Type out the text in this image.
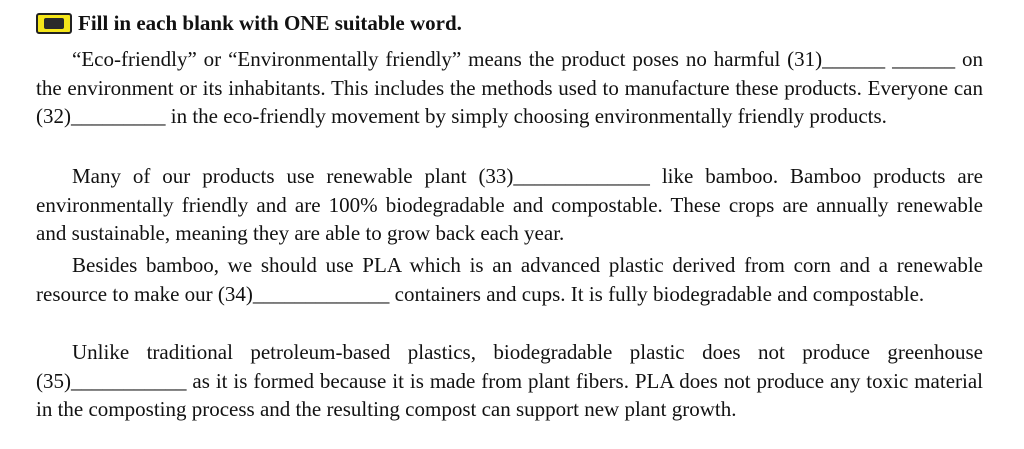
Fill in each blank with ONE suitable word.

“Eco-friendly” or “Environmentally friendly” means the product poses no harmful (31)______ ______ on the environment or its inhabitants. This includes the methods used to manufacture these products. Everyone can (32)_________ in the eco-friendly movement by simply choosing environmentally friendly products.

Many of our products use renewable plant (33)_____________ like bamboo. Bamboo products are environmentally friendly and are 100% biodegradable and compostable. These crops are annually renewable and sustainable, meaning they are able to grow back each year.

Besides bamboo, we should use PLA which is an advanced plastic derived from corn and a renewable resource to make our (34)_____________ containers and cups. It is fully biodegradable and compostable.

Unlike traditional petroleum-based plastics, biodegradable plastic does not produce greenhouse (35)___________ as it is formed because it is made from plant fibers. PLA does not produce any toxic material in the composting process and the resulting compost can support new plant growth.
